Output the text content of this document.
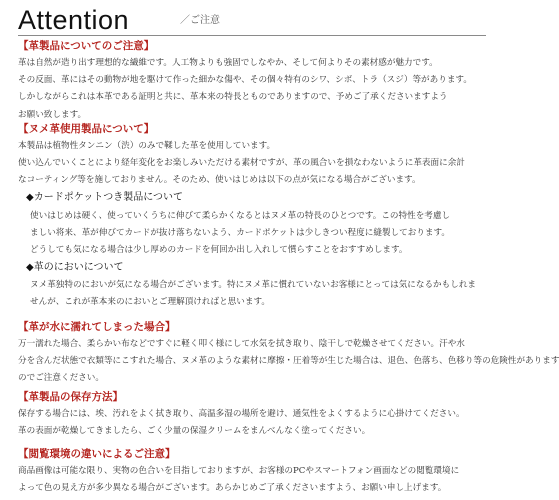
Attention	／ご注意
【革製品についてのご注意】
革は自然が造り出す理想的な繊維です。人工物よりも強固でしなやか、そして何よりその素材感が魅力です。
その反面、革にはその動物が地を駆けて作った細かな傷や、その個々特有のシワ、シボ、トラ（スジ）等があります。
しかしながらこれは本革である証明と共に、革本来の特長とものでありますので、予めご了承くださいますよう
お願い致します。
【ヌメ革使用製品について】
本製品は植物性タンニン（渋）のみで鞣した革を使用しています。
使い込んでいくことにより経年変化をお楽しみいただける素材ですが、革の風合いを損なわないように革表面に余計
なコーティング等を施しておりません。そのため、使いはじめは以下の点が気になる場合がございます。
◆カードポケットつき製品について
使いはじめは硬く、使っていくうちに伸びて柔らかくなるとはヌメ革の特長のひとつです。この特性を考慮し
ましい将来、革が伸びてカードが抜け落ちないよう、カードポケットは少しきつい程度に縫製しております。
どうしても気になる場合は少し厚めのカードを何回か出し入れして慣らすことをおすすめします。
◆革のにおいについて
ヌメ革独特のにおいが気になる場合がございます。特にヌメ革に慣れていないお客様にとっては気になるかもしれま
せんが、これが革本来のにおいとご理解頂ければと思います。
【革が水に濡れてしまった場合】
万一濡れた場合、柔らかい布などですぐに軽く叩く様にして水気を拭き取り、陰干しで乾燥させてください。汗や水
分を含んだ状態で衣類等にこすれた場合、ヌメ革のような素材に摩擦・圧着等が生じた場合は、退色、色落ち、色移り等の危険性があります
のでご注意ください。
【革製品の保存方法】
保存する場合には、埃、汚れをよく拭き取り、高温多湿の場所を避け、通気性をよくするように心掛けてください。
革の表面が乾燥してきましたら、ごく少量の保湿クリームをまんべんなく塗ってください。
【閲覧環境の違いによるご注意】
商品画像は可能な限り、実物の色合いを目指しておりますが、お客様のPCやスマートフォン画面などの閲覧環境に
よって色の見え方が多少異なる場合がございます。あらかじめご了承くださいますよう、お願い申し上げます。
